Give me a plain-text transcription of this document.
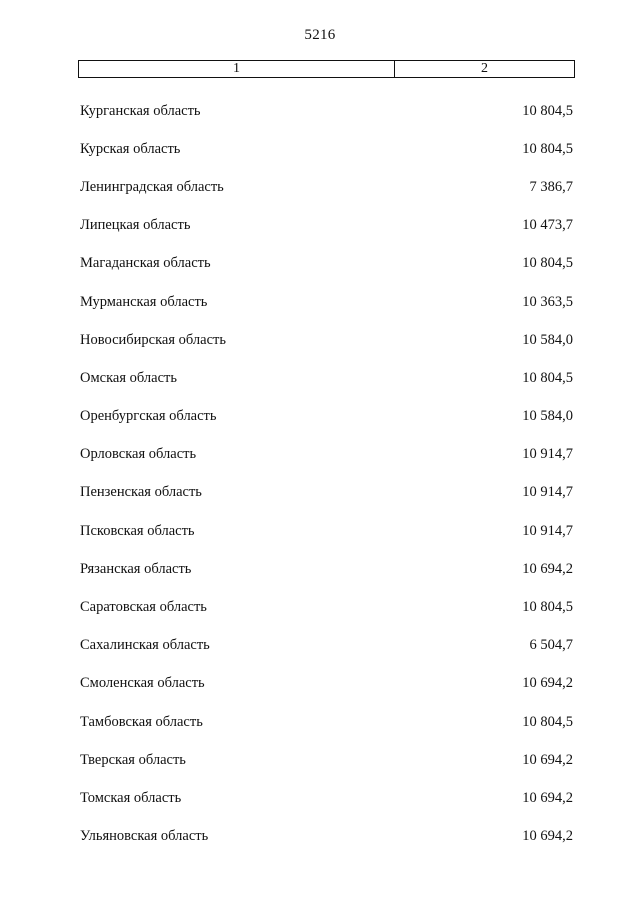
5216
1	2
Курганская область	10 804,5
Курская область	10 804,5
Ленинградская область	7 386,7
Липецкая область	10 473,7
Магаданская область	10 804,5
Мурманская область	10 363,5
Новосибирская область	10 584,0
Омская область	10 804,5
Оренбургская область	10 584,0
Орловская область	10 914,7
Пензенская область	10 914,7
Псковская область	10 914,7
Рязанская область	10 694,2
Саратовская область	10 804,5
Сахалинская область	6 504,7
Смоленская область	10 694,2
Тамбовская область	10 804,5
Тверская область	10 694,2
Томская область	10 694,2
Ульяновская область	10 694,2
